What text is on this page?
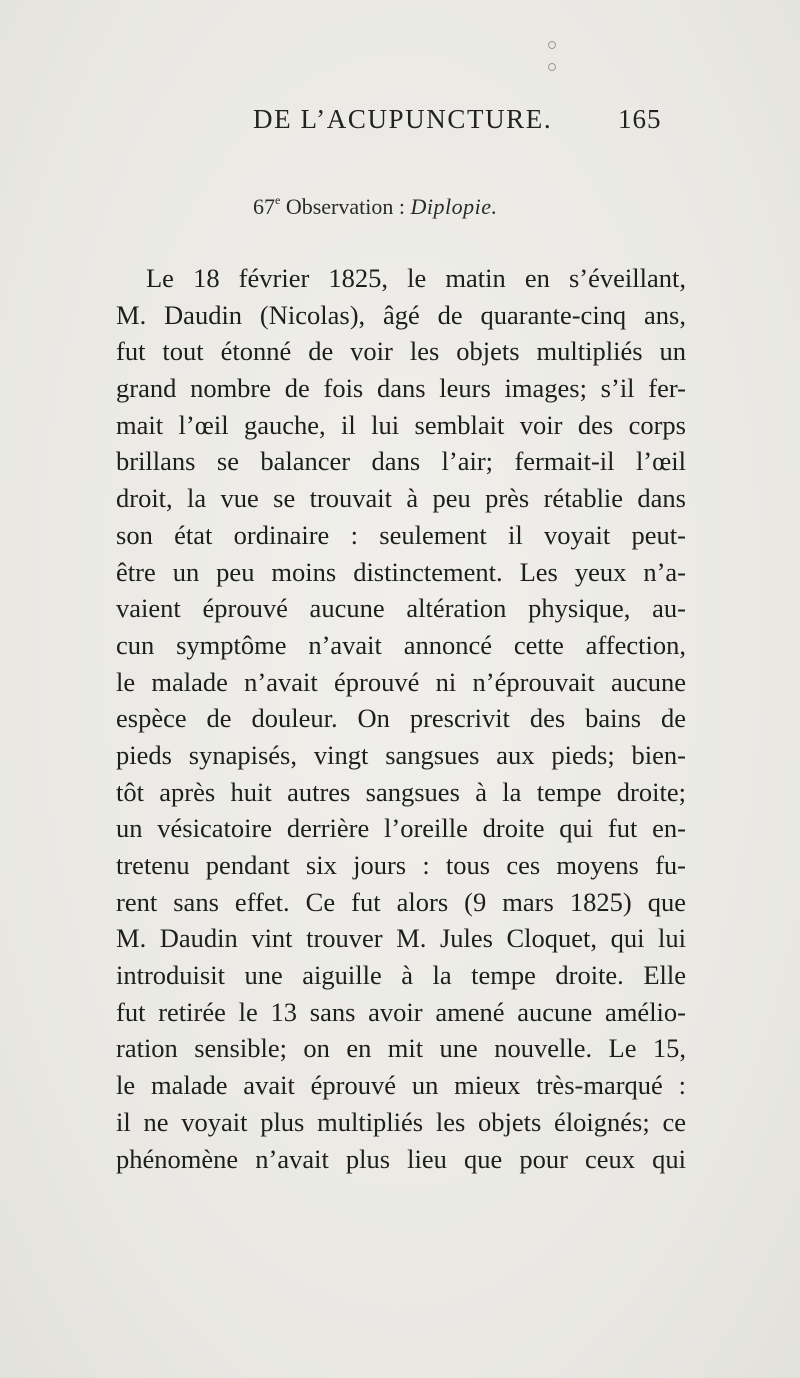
DE L’ACUPUNCTURE. 165
67e Observation : Diplopie.
Le 18 février 1825, le matin en s’éveillant,
M. Daudin (Nicolas), âgé de quarante-cinq ans,
fut tout étonné de voir les objets multipliés un
grand nombre de fois dans leurs images; s’il fer-
mait l’œil gauche, il lui semblait voir des corps
brillans se balancer dans l’air; fermait-il l’œil
droit, la vue se trouvait à peu près rétablie dans
son état ordinaire : seulement il voyait peut-
être un peu moins distinctement. Les yeux n’a-
vaient éprouvé aucune altération physique, au-
cun symptôme n’avait annoncé cette affection,
le malade n’avait éprouvé ni n’éprouvait aucune
espèce de douleur. On prescrivit des bains de
pieds synapisés, vingt sangsues aux pieds; bien-
tôt après huit autres sangsues à la tempe droite;
un vésicatoire derrière l’oreille droite qui fut en-
tretenu pendant six jours : tous ces moyens fu-
rent sans effet. Ce fut alors (9 mars 1825) que
M. Daudin vint trouver M. Jules Cloquet, qui lui
introduisit une aiguille à la tempe droite. Elle
fut retirée le 13 sans avoir amené aucune amélio-
ration sensible; on en mit une nouvelle. Le 15,
le malade avait éprouvé un mieux très-marqué :
il ne voyait plus multipliés les objets éloignés; ce
phénomène n’avait plus lieu que pour ceux qui
